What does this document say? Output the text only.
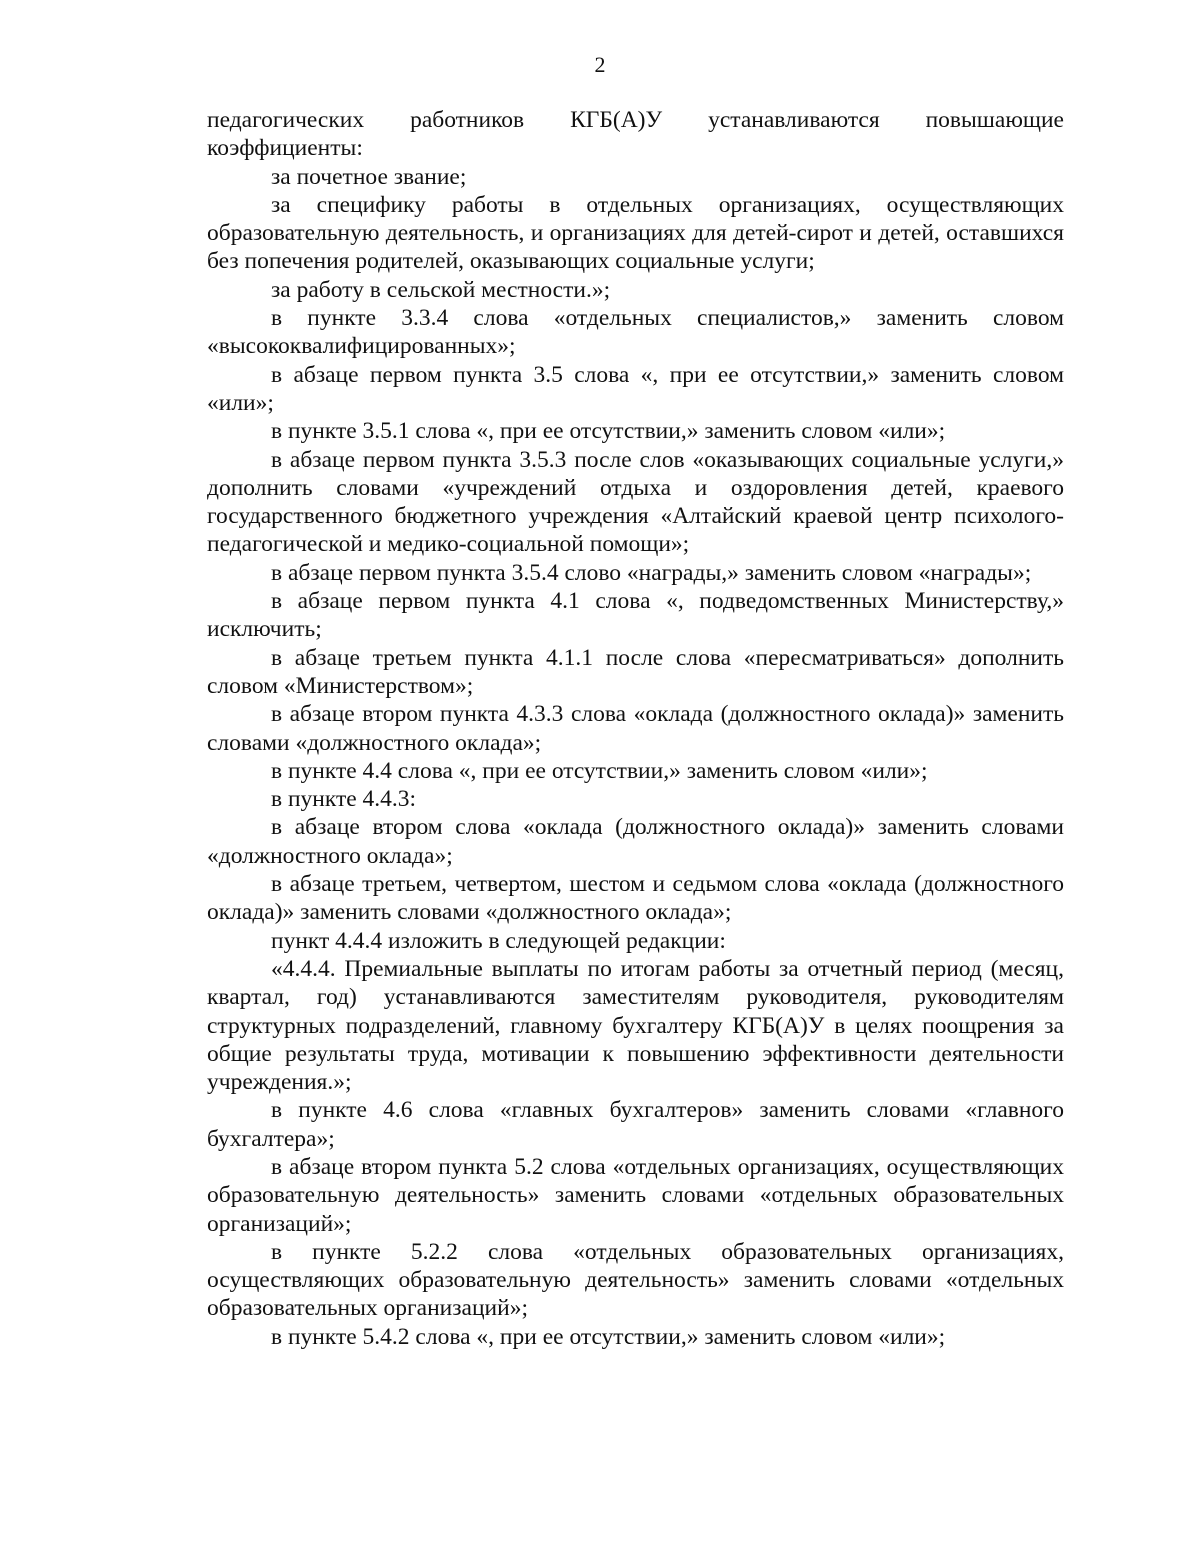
2

педагогических работников КГБ(А)У устанавливаются повышающие коэффициенты:

за почетное звание;

за специфику работы в отдельных организациях, осуществляющих образовательную деятельность, и организациях для детей-сирот и детей, оставшихся без попечения родителей, оказывающих социальные услуги;

за работу в сельской местности.»;

в пункте 3.3.4 слова «отдельных специалистов,» заменить словом «высококвалифицированных»;

в абзаце первом пункта 3.5 слова «, при ее отсутствии,» заменить словом «или»;

в пункте 3.5.1 слова «, при ее отсутствии,» заменить словом «или»;

в абзаце первом пункта 3.5.3 после слов «оказывающих социальные услуги,» дополнить словами «учреждений отдыха и оздоровления детей, краевого государственного бюджетного учреждения «Алтайский краевой центр психолого-педагогической и медико-социальной помощи»;

в абзаце первом пункта 3.5.4 слово «награды,» заменить словом «награды»;

в абзаце первом пункта 4.1 слова «, подведомственных Министерству,» исключить;

в абзаце третьем пункта 4.1.1 после слова «пересматриваться» дополнить словом «Министерством»;

в абзаце втором пункта 4.3.3 слова «оклада (должностного оклада)» заменить словами «должностного оклада»;

в пункте 4.4 слова «, при ее отсутствии,» заменить словом «или»;

в пункте 4.4.3:

в абзаце втором слова «оклада (должностного оклада)» заменить словами «должностного оклада»;

в абзаце третьем, четвертом, шестом и седьмом слова «оклада (должностного оклада)» заменить словами «должностного оклада»;

пункт 4.4.4 изложить в следующей редакции:

«4.4.4. Премиальные выплаты по итогам работы за отчетный период (месяц, квартал, год) устанавливаются заместителям руководителя, руководителям структурных подразделений, главному бухгалтеру КГБ(А)У в целях поощрения за общие результаты труда, мотивации к повышению эффективности деятельности учреждения.»;

в пункте 4.6 слова «главных бухгалтеров» заменить словами «главного бухгалтера»;

в абзаце втором пункта 5.2 слова «отдельных организациях, осуществляющих образовательную деятельность» заменить словами «отдельных образовательных организаций»;

в пункте 5.2.2 слова «отдельных образовательных организациях, осуществляющих образовательную деятельность» заменить словами «отдельных образовательных организаций»;

в пункте 5.4.2 слова «, при ее отсутствии,» заменить словом «или»;
